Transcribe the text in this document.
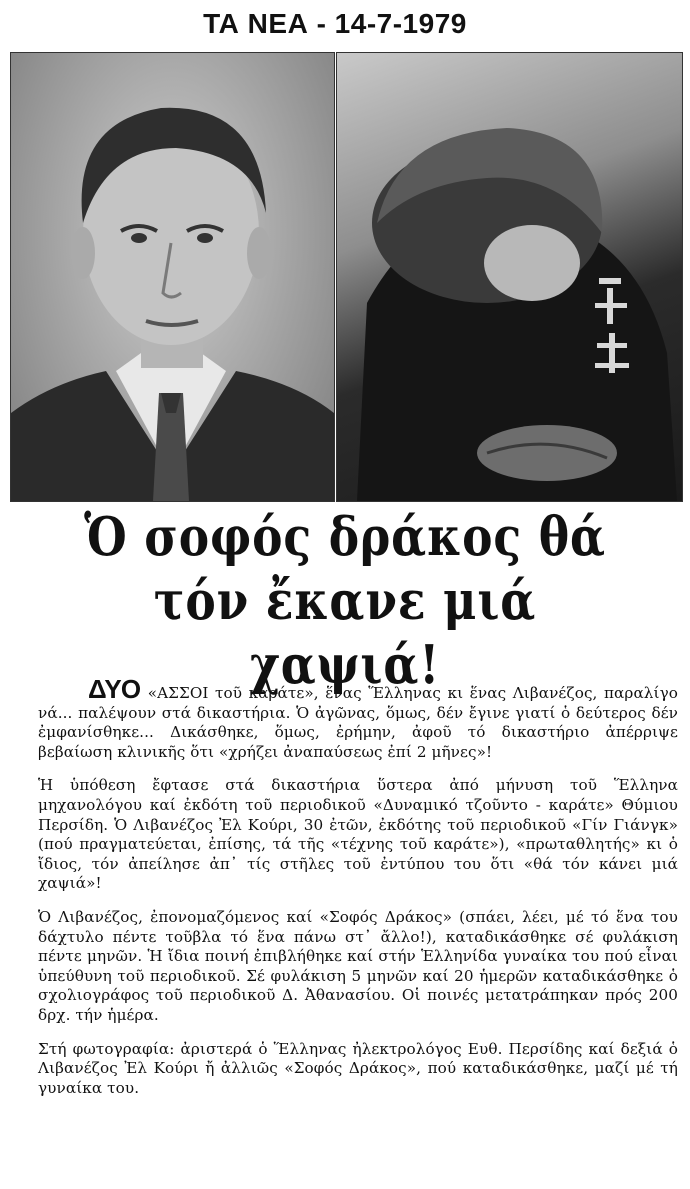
ΤΑ ΝΕΑ - 14-7-1979
Ὁ σοφός δράκος θά
τόν ἔκανε μιά χαψιά!

ΔΥΟ «ΑΣΣΟΙ τοῦ καράτε», ἕνας Ἕλληνας κι ἕνας Λιβανέζος, παραλίγο νά... παλέψουν στά δικαστήρια. Ὁ ἀγῶνας, ὅμως, δέν ἔγινε γιατί ὁ δεύτερος δέν ἐμφανίσθηκε... Δικάσθηκε, ὅμως, ἐρήμην, ἀφοῦ τό δικαστήριο ἀπέρριψε βεβαίωση κλινικῆς ὅτι «χρήζει ἀναπαύσεως ἐπί 2 μῆνες»!

Ἡ ὑπόθεση ἔφτασε στά δικαστήρια ὕστερα ἀπό μήνυση τοῦ Ἕλληνα μηχανολόγου καί ἐκδότη τοῦ περιοδικοῦ «Δυναμικό τζοῦντο - καράτε» Θύμιου Περσίδη. Ὁ Λιβανέζος Ἐλ Κούρι, 30 ἐτῶν, ἐκδότης τοῦ περιοδικοῦ «Γίν Γιάνγκ» (πού πραγματεύεται, ἐπίσης, τά τῆς «τέχνης τοῦ καράτε»), «πρωταθλητής» κι ὁ ἴδιος, τόν ἀπείλησε ἀπ᾿ τίς στῆλες τοῦ ἐντύπου του ὅτι «θά τόν κάνει μιά χαψιά»!

Ὁ Λιβανέζος, ἐπονομαζόμενος καί «Σοφός Δράκος» (σπάει, λέει, μέ τό ἕνα του δάχτυλο πέντε τοῦβλα τό ἕνα πάνω στ᾿ ἄλλο!), καταδικάσθηκε σέ φυλάκιση πέντε μηνῶν. Ἡ ἴδια ποινή ἐπιβλήθηκε καί στήν Ἑλληνίδα γυναίκα του πού εἶναι ὑπεύθυνη τοῦ περιοδικοῦ. Σέ φυλάκιση 5 μηνῶν καί 20 ἡμερῶν καταδικάσθηκε ὁ σχολιογράφος τοῦ περιοδικοῦ Δ. Ἀθανασίου. Οἱ ποινές μετατράπηκαν πρός 200 δρχ. τήν ἡμέρα.

Στή φωτογραφία: ἀριστερά ὁ Ἕλληνας ἠλεκτρολόγος Ευθ. Περσίδης καί δεξιά ὁ Λιβανέζος Ἐλ Κούρι ἤ ἀλλιῶς «Σοφός Δράκος», πού καταδικάσθηκε, μαζί μέ τή γυναίκα του.
